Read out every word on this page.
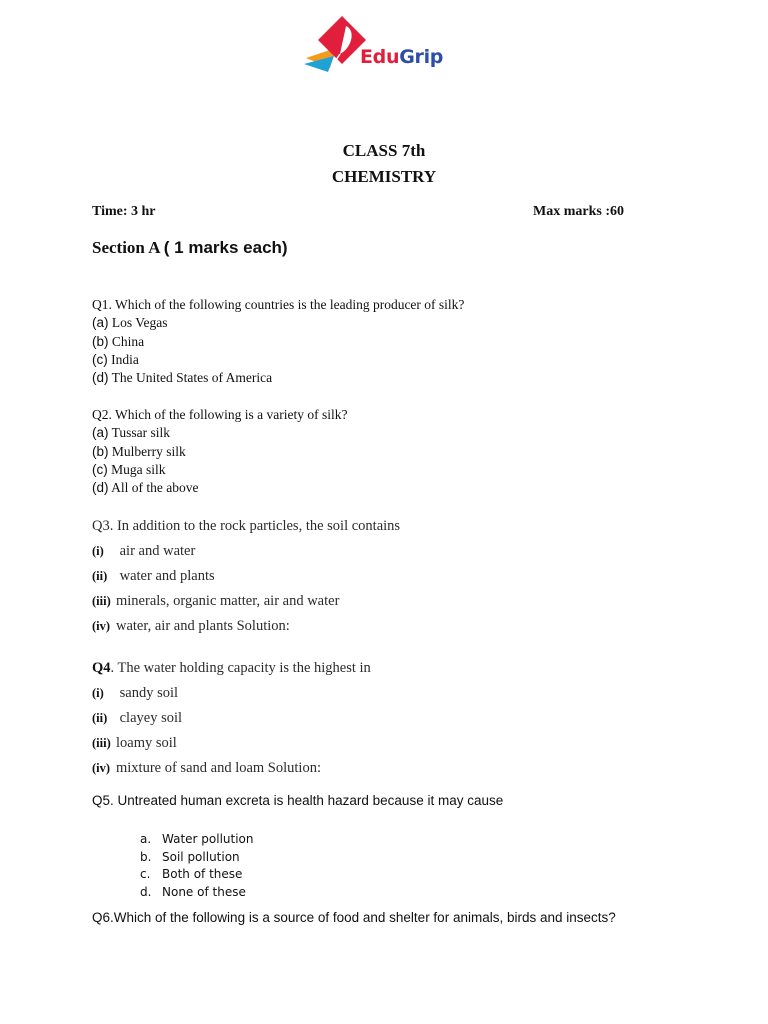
EduGrip
CLASS 7th
CHEMISTRY
Time: 3 hr	Max marks :60
Section A ( 1 marks each)
Q1. Which of the following countries is the leading producer of silk?
(a) Los Vegas
(b) China
(c) India
(d) The United States of America
Q2. Which of the following is a variety of silk?
(a) Tussar silk
(b) Mulberry silk
(c) Muga silk
(d) All of the above
Q3. In addition to the rock particles, the soil contains
(i) air and water
(ii) water and plants
(iii) minerals, organic matter, air and water
(iv) water, air and plants Solution:
Q4. The water holding capacity is the highest in
(i) sandy soil
(ii) clayey soil
(iii) loamy soil
(iv) mixture of sand and loam Solution:
Q5. Untreated human excreta is health hazard because it may cause
a. Water pollution
b. Soil pollution
c. Both of these
d. None of these
Q6.Which of the following is a source of food and shelter for animals, birds and insects?
